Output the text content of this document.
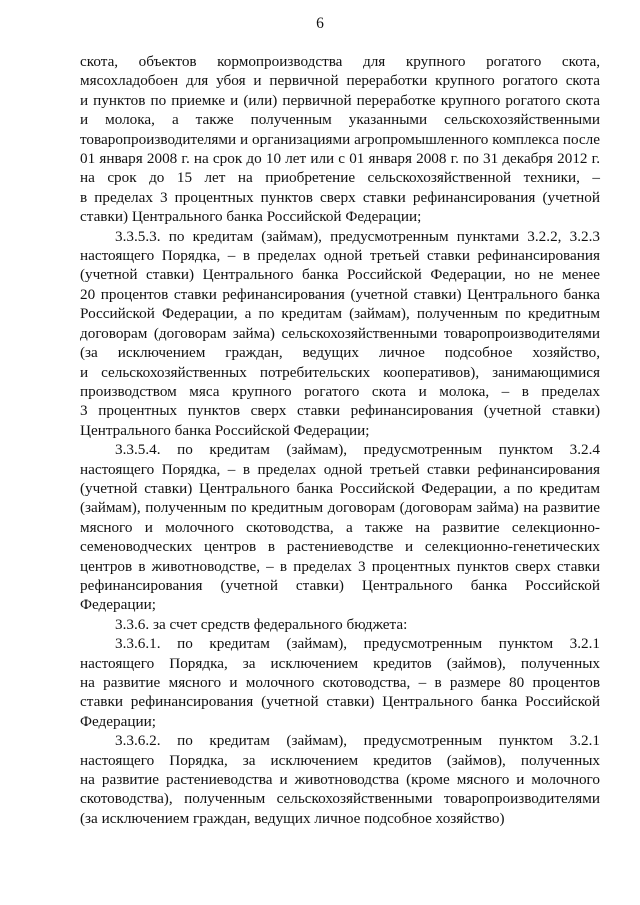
6

скота, объектов кормопроизводства для крупного рогатого скота,
мясохладобоен для убоя и первичной переработки крупного рогатого скота
и пунктов по приемке и (или) первичной переработке крупного рогатого скота
и молока, а также полученным указанными сельскохозяйственными
товаропроизводителями и организациями агропромышленного комплекса после
01 января 2008 г. на срок до 10 лет или с 01 января 2008 г. по 31 декабря 2012 г.
на срок до 15 лет на приобретение сельскохозяйственной техники, –
в пределах 3 процентных пунктов сверх ставки рефинансирования (учетной
ставки) Центрального банка Российской Федерации;

3.3.5.3. по кредитам (займам), предусмотренным пунктами 3.2.2, 3.2.3
настоящего Порядка, – в пределах одной третьей ставки рефинансирования
(учетной ставки) Центрального банка Российской Федерации, но не менее
20 процентов ставки рефинансирования (учетной ставки) Центрального банка
Российской Федерации, а по кредитам (займам), полученным по кредитным
договорам (договорам займа) сельскохозяйственными товаропроизводителями
(за исключением граждан, ведущих личное подсобное хозяйство,
и сельскохозяйственных потребительских кооперативов), занимающимися
производством мяса крупного рогатого скота и молока, – в пределах
3 процентных пунктов сверх ставки рефинансирования (учетной ставки)
Центрального банка Российской Федерации;

3.3.5.4. по кредитам (займам), предусмотренным пунктом 3.2.4
настоящего Порядка, – в пределах одной третьей ставки рефинансирования
(учетной ставки) Центрального банка Российской Федерации, а по кредитам
(займам), полученным по кредитным договорам (договорам займа) на развитие
мясного и молочного скотоводства, а также на развитие селекционно-
семеноводческих центров в растениеводстве и селекционно-генетических
центров в животноводстве, – в пределах 3 процентных пунктов сверх ставки
рефинансирования (учетной ставки) Центрального банка Российской
Федерации;

3.3.6. за счет средств федерального бюджета:

3.3.6.1. по кредитам (займам), предусмотренным пунктом 3.2.1
настоящего Порядка, за исключением кредитов (займов), полученных
на развитие мясного и молочного скотоводства, – в размере 80 процентов
ставки рефинансирования (учетной ставки) Центрального банка Российской
Федерации;

3.3.6.2. по кредитам (займам), предусмотренным пунктом 3.2.1
настоящего Порядка, за исключением кредитов (займов), полученных
на развитие растениеводства и животноводства (кроме мясного и молочного
скотоводства), полученным сельскохозяйственными товаропроизводителями
(за исключением граждан, ведущих личное подсобное хозяйство)
